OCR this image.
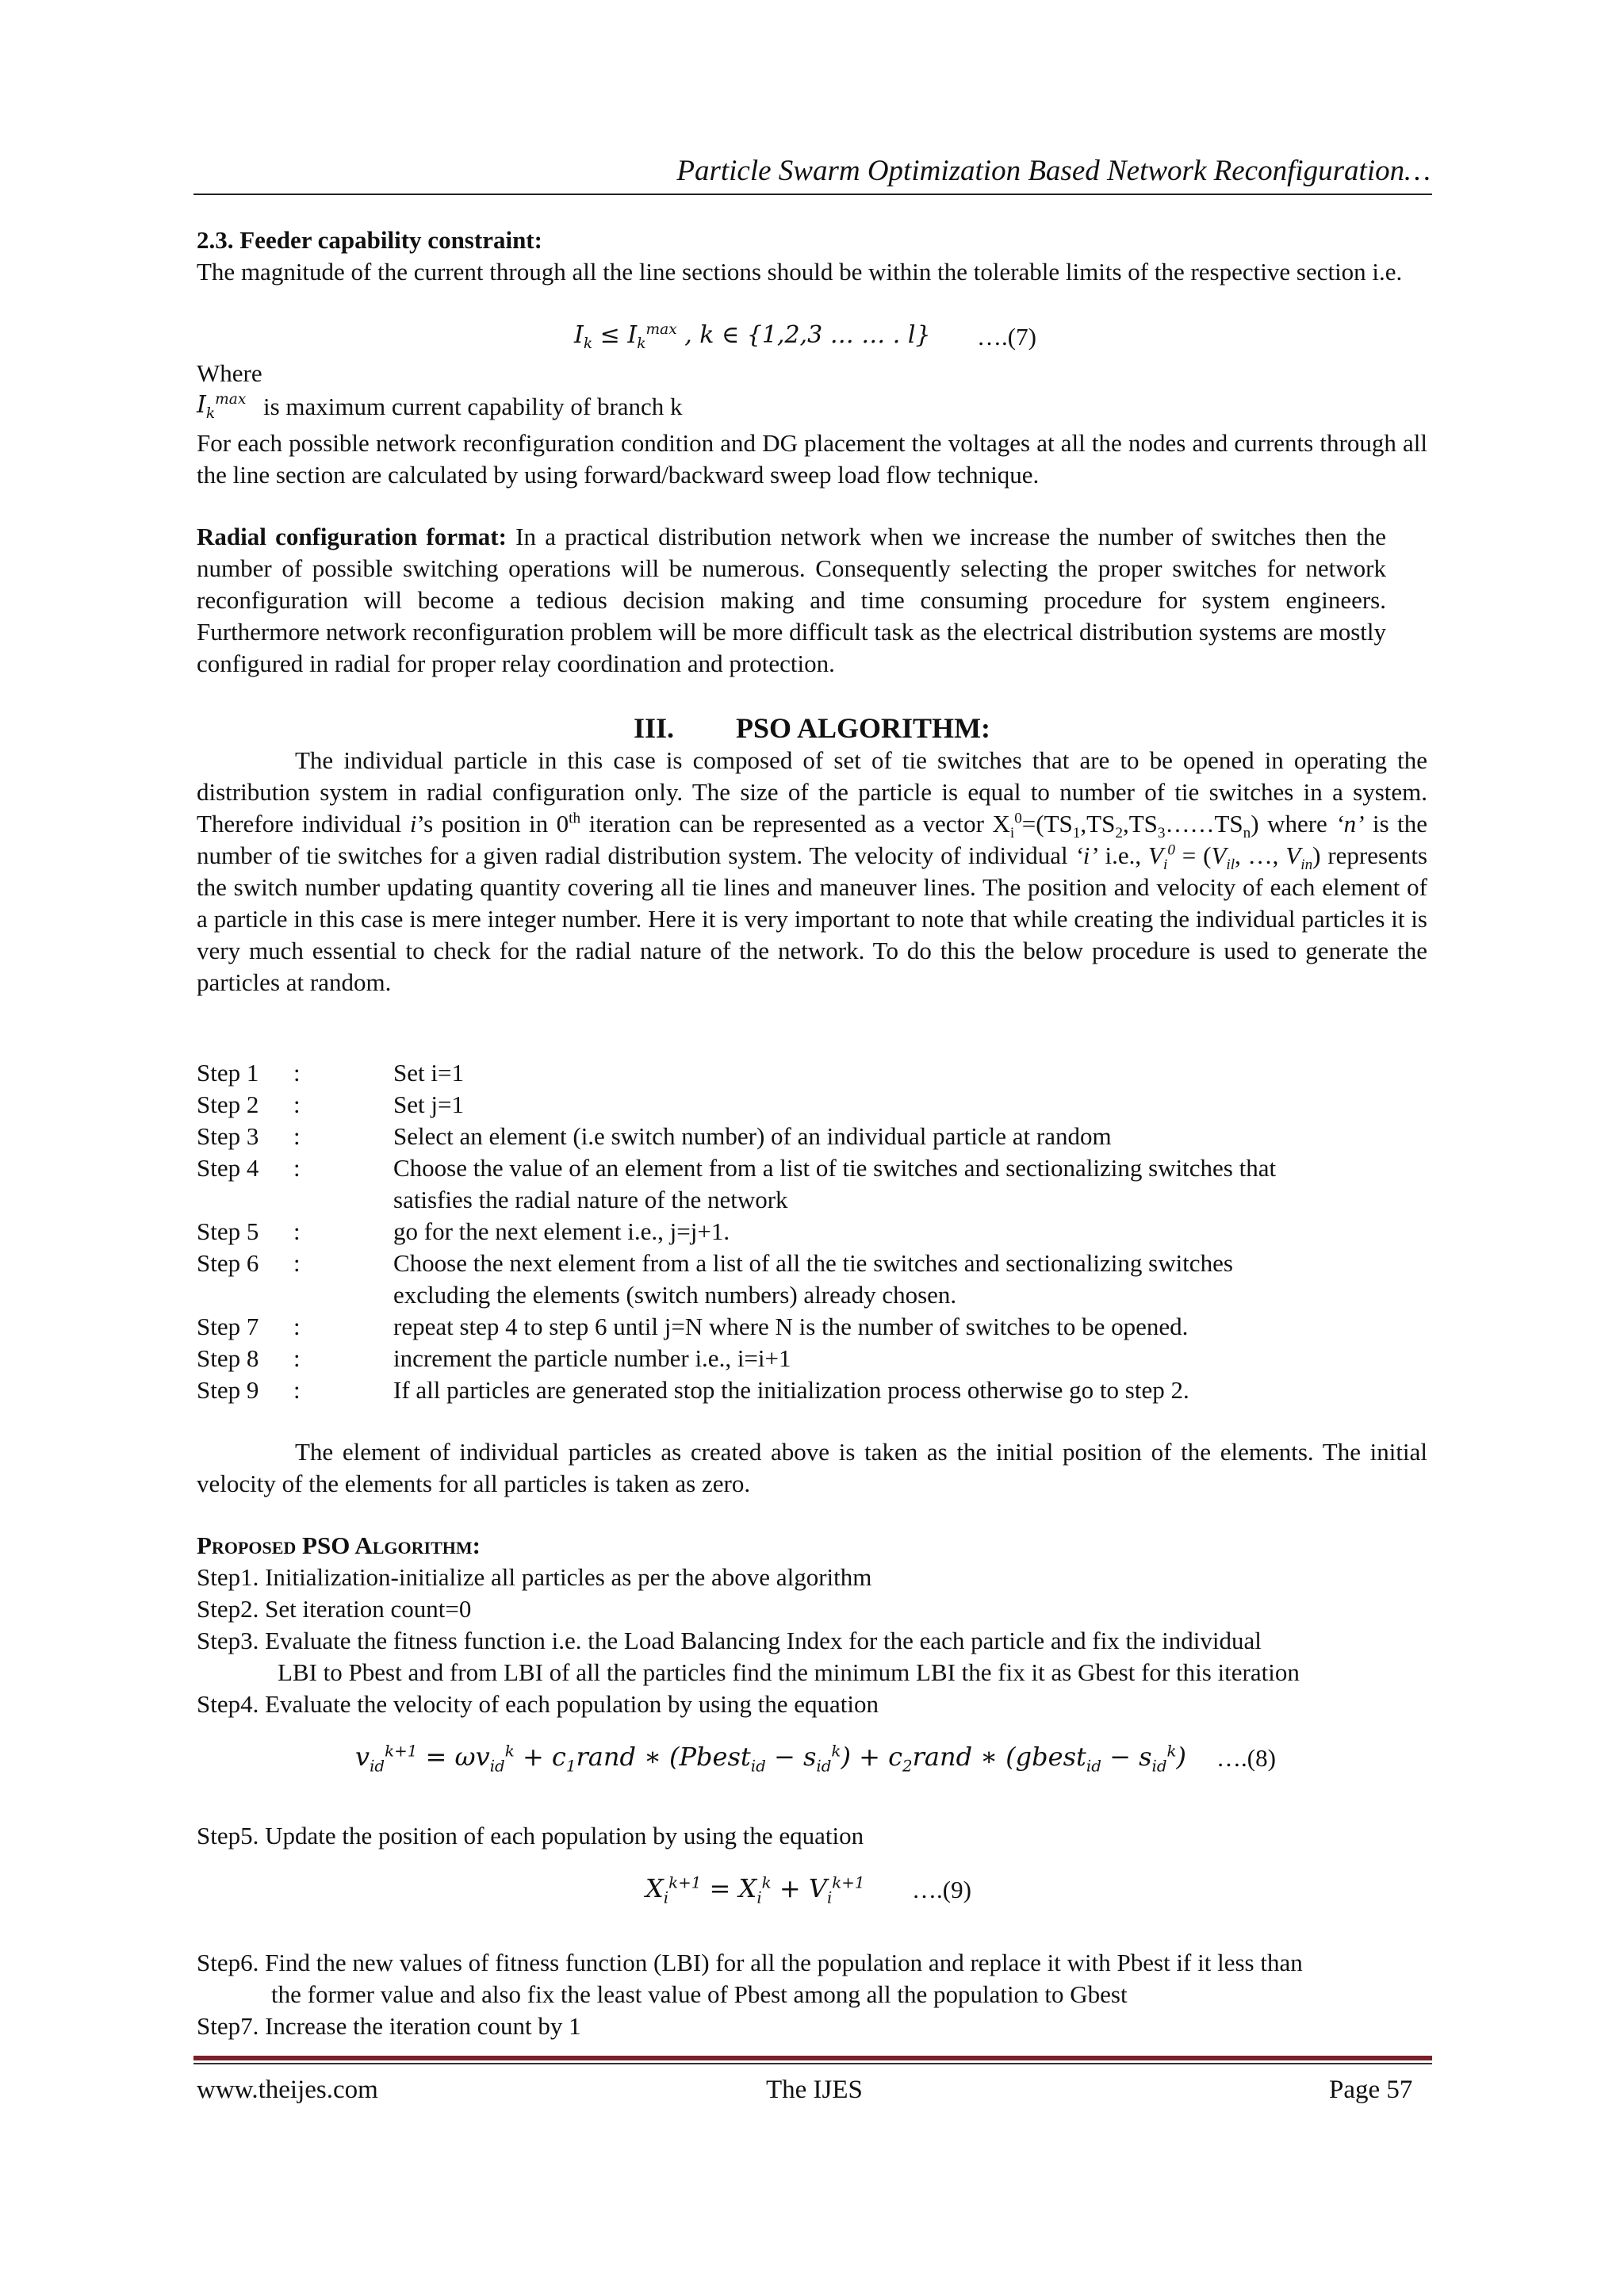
Particle Swarm Optimization Based Network Reconfiguration…
2.3. Feeder capability constraint:
The magnitude of the current through all the line sections should be within the tolerable limits of the respective section i.e.
$I_k \le I_k^{max}$ , k ∈ {1,2,3 … … . l} ….(7)
Where
$I_k^{max}$ is maximum current capability of branch k
For each possible network reconfiguration condition and DG placement the voltages at all the nodes and currents through all the line section are calculated by using forward/backward sweep load flow technique.
Radial configuration format: In a practical distribution network when we increase the number of switches then the number of possible switching operations will be numerous. Consequently selecting the proper switches for network reconfiguration will become a tedious decision making and time consuming procedure for system engineers. Furthermore network reconfiguration problem will be more difficult task as the electrical distribution systems are mostly configured in radial for proper relay coordination and protection.
III. PSO ALGORITHM:
The individual particle in this case is composed of set of tie switches that are to be opened in operating the distribution system in radial configuration only. The size of the particle is equal to number of tie switches in a system. Therefore individual i’s position in 0th iteration can be represented as a vector $X_i^0=(TS_1,TS_2,TS_3\dots\dots TS_n)$ where ‘n’ is the number of tie switches for a given radial distribution system. The velocity of individual ‘i’ i.e., $V_i^0 = (V_{il}$, …, $V_{in}$) represents the switch number updating quantity covering all tie lines and maneuver lines. The position and velocity of each element of a particle in this case is mere integer number. Here it is very important to note that while creating the individual particles it is very much essential to check for the radial nature of the network. To do this the below procedure is used to generate the particles at random.
Step 1	:	Set i=1
Step 2	:	Set j=1
Step 3	:	Select an element (i.e switch number) of an individual particle at random
Step 4	:	Choose the value of an element from a list of tie switches and sectionalizing switches that
satisfies the radial nature of the network
Step 5	:	go for the next element i.e., j=j+1.
Step 6	:	Choose the next element from a list of all the tie switches and sectionalizing switches
excluding the elements (switch numbers) already chosen.
Step 7	:	repeat step 4 to step 6 until j=N where N is the number of switches to be opened.
Step 8	:	increment the particle number i.e., i=i+1
Step 9	:	If all particles are generated stop the initialization process otherwise go to step 2.
The element of individual particles as created above is taken as the initial position of the elements. The initial velocity of the elements for all particles is taken as zero.
Proposed PSO Algorithm:
Step1. Initialization-initialize all particles as per the above algorithm
Step2. Set iteration count=0
Step3. Evaluate the fitness function i.e. the Load Balancing Index for the each particle and fix the individual
LBI to Pbest and from LBI of all the particles find the minimum LBI the fix it as Gbest for this iteration
Step4. Evaluate the velocity of each population by using the equation
$v_{id}^{k+1} = \omega v_{id}^k$ + $c_1rand$ ∗ (Pbest$_{id}$ − $s_{id}^k$) + $c_2rand$ ∗ (gbest$_{id}$ − $s_{id}^k$) ….(8)
Step5. Update the position of each population by using the equation
$X_i^{k+1} = X_i^k + V_i^{k+1}$ ….(9)
Step6. Find the new values of fitness function (LBI) for all the population and replace it with Pbest if it less than
the former value and also fix the least value of Pbest among all the population to Gbest
Step7. Increase the iteration count by 1
www.theijes.com	The IJES	Page 57
